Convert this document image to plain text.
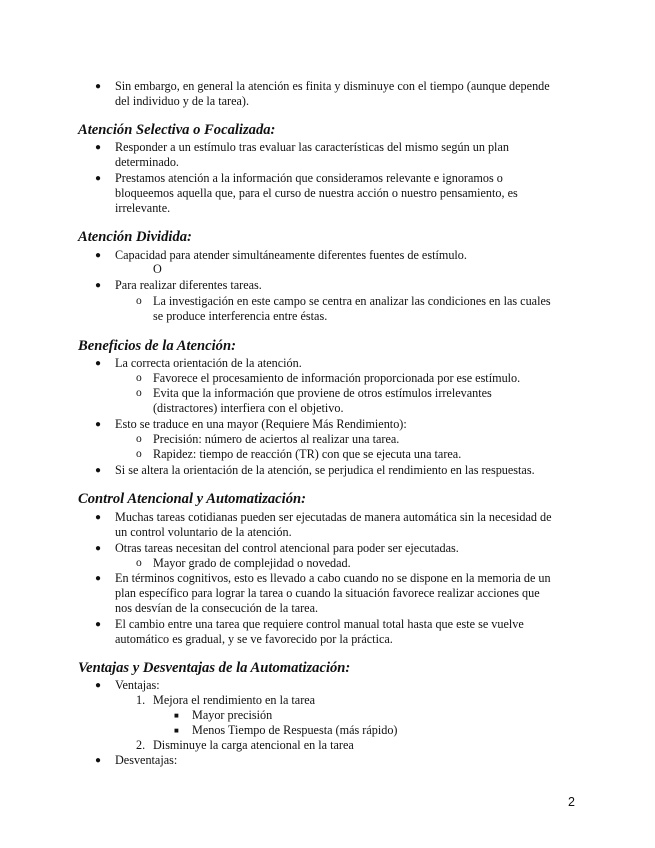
● Sin embargo, en general la atención es finita y disminuye con el tiempo (aunque depende
del individuo y de la tarea).
Atención Selectiva o Focalizada:
● Responder a un estímulo tras evaluar las características del mismo según un plan
determinado.
● Prestamos atención a la información que consideramos relevante e ignoramos o
bloqueemos aquella que, para el curso de nuestra acción o nuestro pensamiento, es
irrelevante.
Atención Dividida:
● Capacidad para atender simultáneamente diferentes fuentes de estímulo.
O
● Para realizar diferentes tareas.
o La investigación en este campo se centra en analizar las condiciones en las cuales
se produce interferencia entre éstas.
Beneficios de la Atención:
● La correcta orientación de la atención.
o Favorece el procesamiento de información proporcionada por ese estímulo.
o Evita que la información que proviene de otros estímulos irrelevantes
(distractores) interfiera con el objetivo.
● Esto se traduce en una mayor (Requiere Más Rendimiento):
o Precisión: número de aciertos al realizar una tarea.
o Rapidez: tiempo de reacción (TR) con que se ejecuta una tarea.
● Si se altera la orientación de la atención, se perjudica el rendimiento en las respuestas.
Control Atencional y Automatización:
● Muchas tareas cotidianas pueden ser ejecutadas de manera automática sin la necesidad de
un control voluntario de la atención.
● Otras tareas necesitan del control atencional para poder ser ejecutadas.
o Mayor grado de complejidad o novedad.
● En términos cognitivos, esto es llevado a cabo cuando no se dispone en la memoria de un
plan específico para lograr la tarea o cuando la situación favorece realizar acciones que
nos desvían de la consecución de la tarea.
● El cambio entre una tarea que requiere control manual total hasta que este se vuelve
automático es gradual, y se ve favorecido por la práctica.
Ventajas y Desventajas de la Automatización:
● Ventajas:
1. Mejora el rendimiento en la tarea
■ Mayor precisión
■ Menos Tiempo de Respuesta (más rápido)
2. Disminuye la carga atencional en la tarea
● Desventajas:
2
